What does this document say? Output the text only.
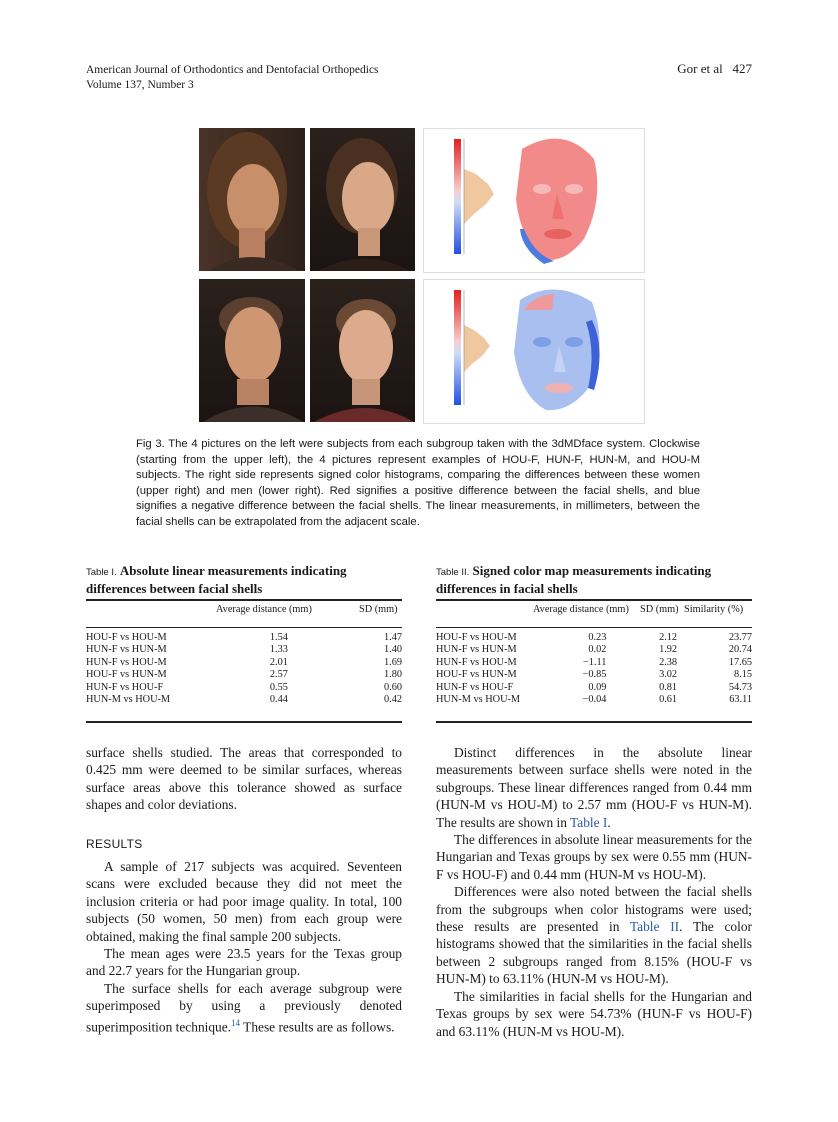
American Journal of Orthodontics and Dentofacial Orthopedics
Volume 137, Number 3
Gor et al 427
Fig 3. The 4 pictures on the left were subjects from each subgroup taken with the 3dMDface system. Clockwise (starting from the upper left), the 4 pictures represent examples of HOU-F, HUN-F, HUN-M, and HOU-M subjects. The right side represents signed color histograms, comparing the differences between these women (upper right) and men (lower right). Red signifies a positive difference between the facial shells, and blue signifies a negative difference between the facial shells. The linear measurements, in millimeters, between the facial shells can be extrapolated from the adjacent scale.
Table I. Absolute linear measurements indicating differences between facial shells
Average distance (mm)	SD (mm)
HOU-F vs HOU-M	1.54	1.47
HUN-F vs HUN-M	1.33	1.40
HUN-F vs HOU-M	2.01	1.69
HOU-F vs HUN-M	2.57	1.80
HUN-F vs HOU-F	0.55	0.60
HUN-M vs HOU-M	0.44	0.42
Table II. Signed color map measurements indicating differences in facial shells
Average distance (mm) SD (mm) Similarity (%)
HOU-F vs HOU-M	0.23	2.12	23.77
HUN-F vs HUN-M	0.02	1.92	20.74
HUN-F vs HOU-M	−1.11	2.38	17.65
HOU-F vs HUN-M	−0.85	3.02	8.15
HUN-F vs HOU-F	0.09	0.81	54.73
HUN-M vs HOU-M	−0.04	0.61	63.11

surface shells studied. The areas that corresponded to 0.425 mm were deemed to be similar surfaces, whereas surface areas above this tolerance showed as surface shapes and color deviations.

RESULTS

A sample of 217 subjects was acquired. Seventeen scans were excluded because they did not meet the inclusion criteria or had poor image quality. In total, 100 subjects (50 women, 50 men) from each group were obtained, making the final sample 200 subjects.

The mean ages were 23.5 years for the Texas group and 22.7 years for the Hungarian group.

The surface shells for each average subgroup were superimposed by using a previously denoted superimposition technique.$^{14}$ These results are as follows.

Distinct differences in the absolute linear measurements between surface shells were noted in the subgroups. These linear differences ranged from 0.44 mm (HUN-M vs HOU-M) to 2.57 mm (HOU-F vs HUN-M). The results are shown in Table I.

The differences in absolute linear measurements for the Hungarian and Texas groups by sex were 0.55 mm (HUN-F vs HOU-F) and 0.44 mm (HUN-M vs HOU-M).

Differences were also noted between the facial shells from the subgroups when color histograms were used; these results are presented in Table II. The color histograms showed that the similarities in the facial shells between 2 subgroups ranged from 8.15% (HOU-F vs HUN-M) to 63.11% (HUN-M vs HOU-M).

The similarities in facial shells for the Hungarian and Texas groups by sex were 54.73% (HUN-F vs HOU-F) and 63.11% (HUN-M vs HOU-M).
